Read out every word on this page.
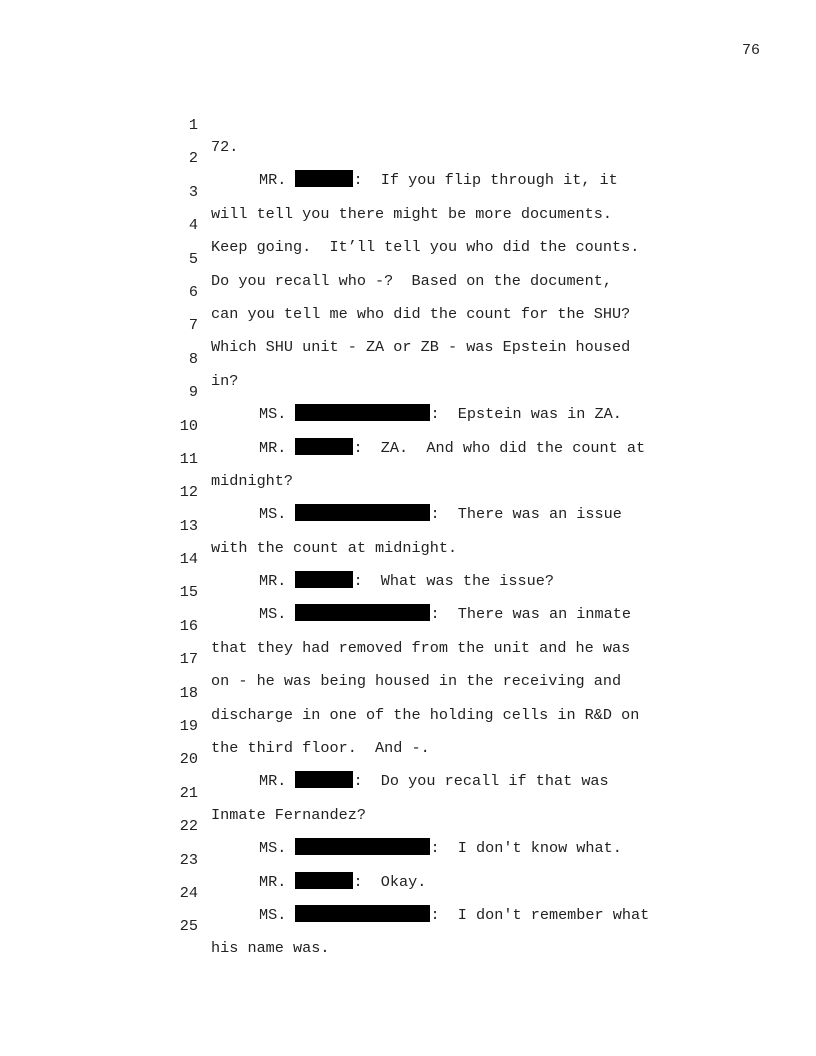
76

1

72.

2

MR.	:  If you flip through it, it

3

will tell you there might be more documents.

4

Keep going.  It’ll tell you who did the counts.

5

Do you recall who -?  Based on the document,

6

can you tell me who did the count for the SHU?

7

Which SHU unit - ZA or ZB - was Epstein housed

8

in?

9

MS.	:  Epstein was in ZA.

10

MR.	:  ZA.  And who did the count at

11

midnight?

12

MS.	:  There was an issue

13

with the count at midnight.

14

MR.	:  What was the issue?

15

MS.	:  There was an inmate

16

that they had removed from the unit and he was

17

on - he was being housed in the receiving and

18

discharge in one of the holding cells in R&D on

19

the third floor.  And -.

20

MR.	:  Do you recall if that was

21

Inmate Fernandez?

22

MS.	:  I don't know what.

23

MR.	:  Okay.

24

MS.	:  I don't remember what

25

his name was.
